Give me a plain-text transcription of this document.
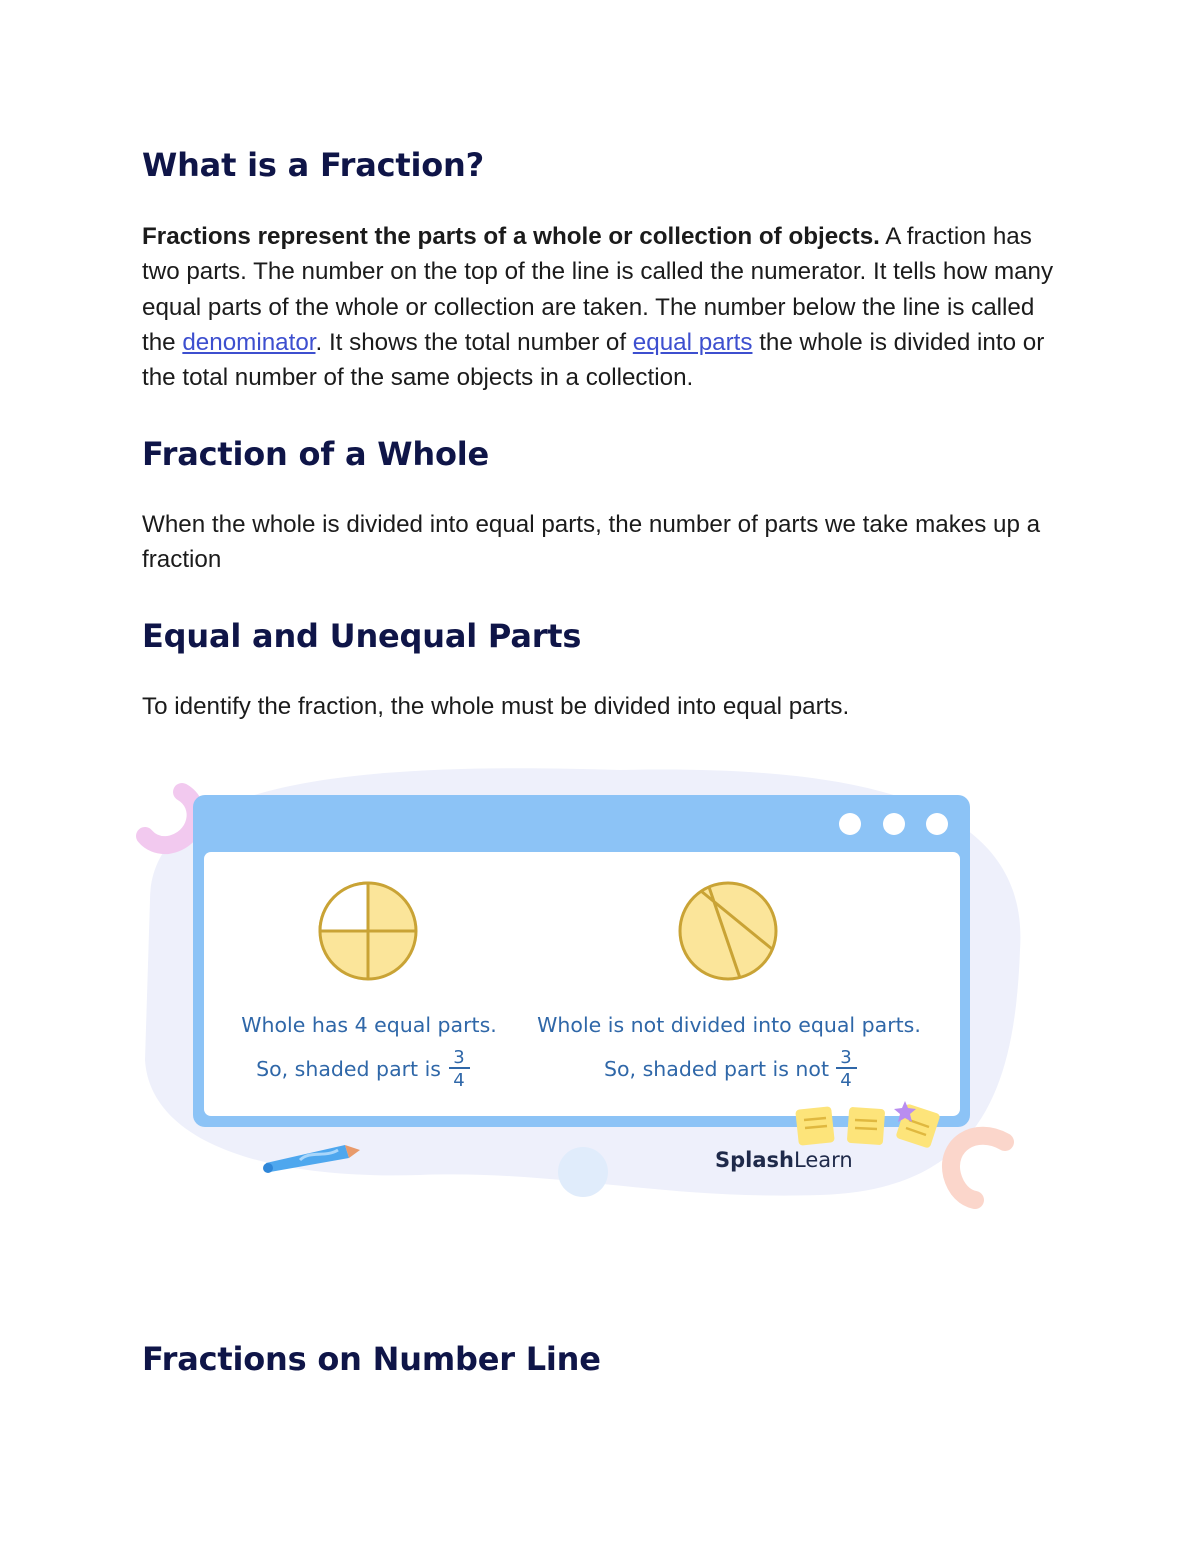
What is a Fraction?

Fractions represent the parts of a whole or collection of objects. A fraction has two parts. The number on the top of the line is called the numerator. It tells how many equal parts of the whole or collection are taken. The number below the line is called the denominator. It shows the total number of equal parts the whole is divided into or the total number of the same objects in a collection.

Fraction of a Whole

When the whole is divided into equal parts, the number of parts we take makes up a fraction

Equal and Unequal Parts

To identify the fraction, the whole must be divided into equal parts.

Whole has 4 equal parts.
So, shaded part is 3
4
Whole is not divided into equal parts.
So, shaded part is not 3
4
SplashLearn
Fractions on Number Line
